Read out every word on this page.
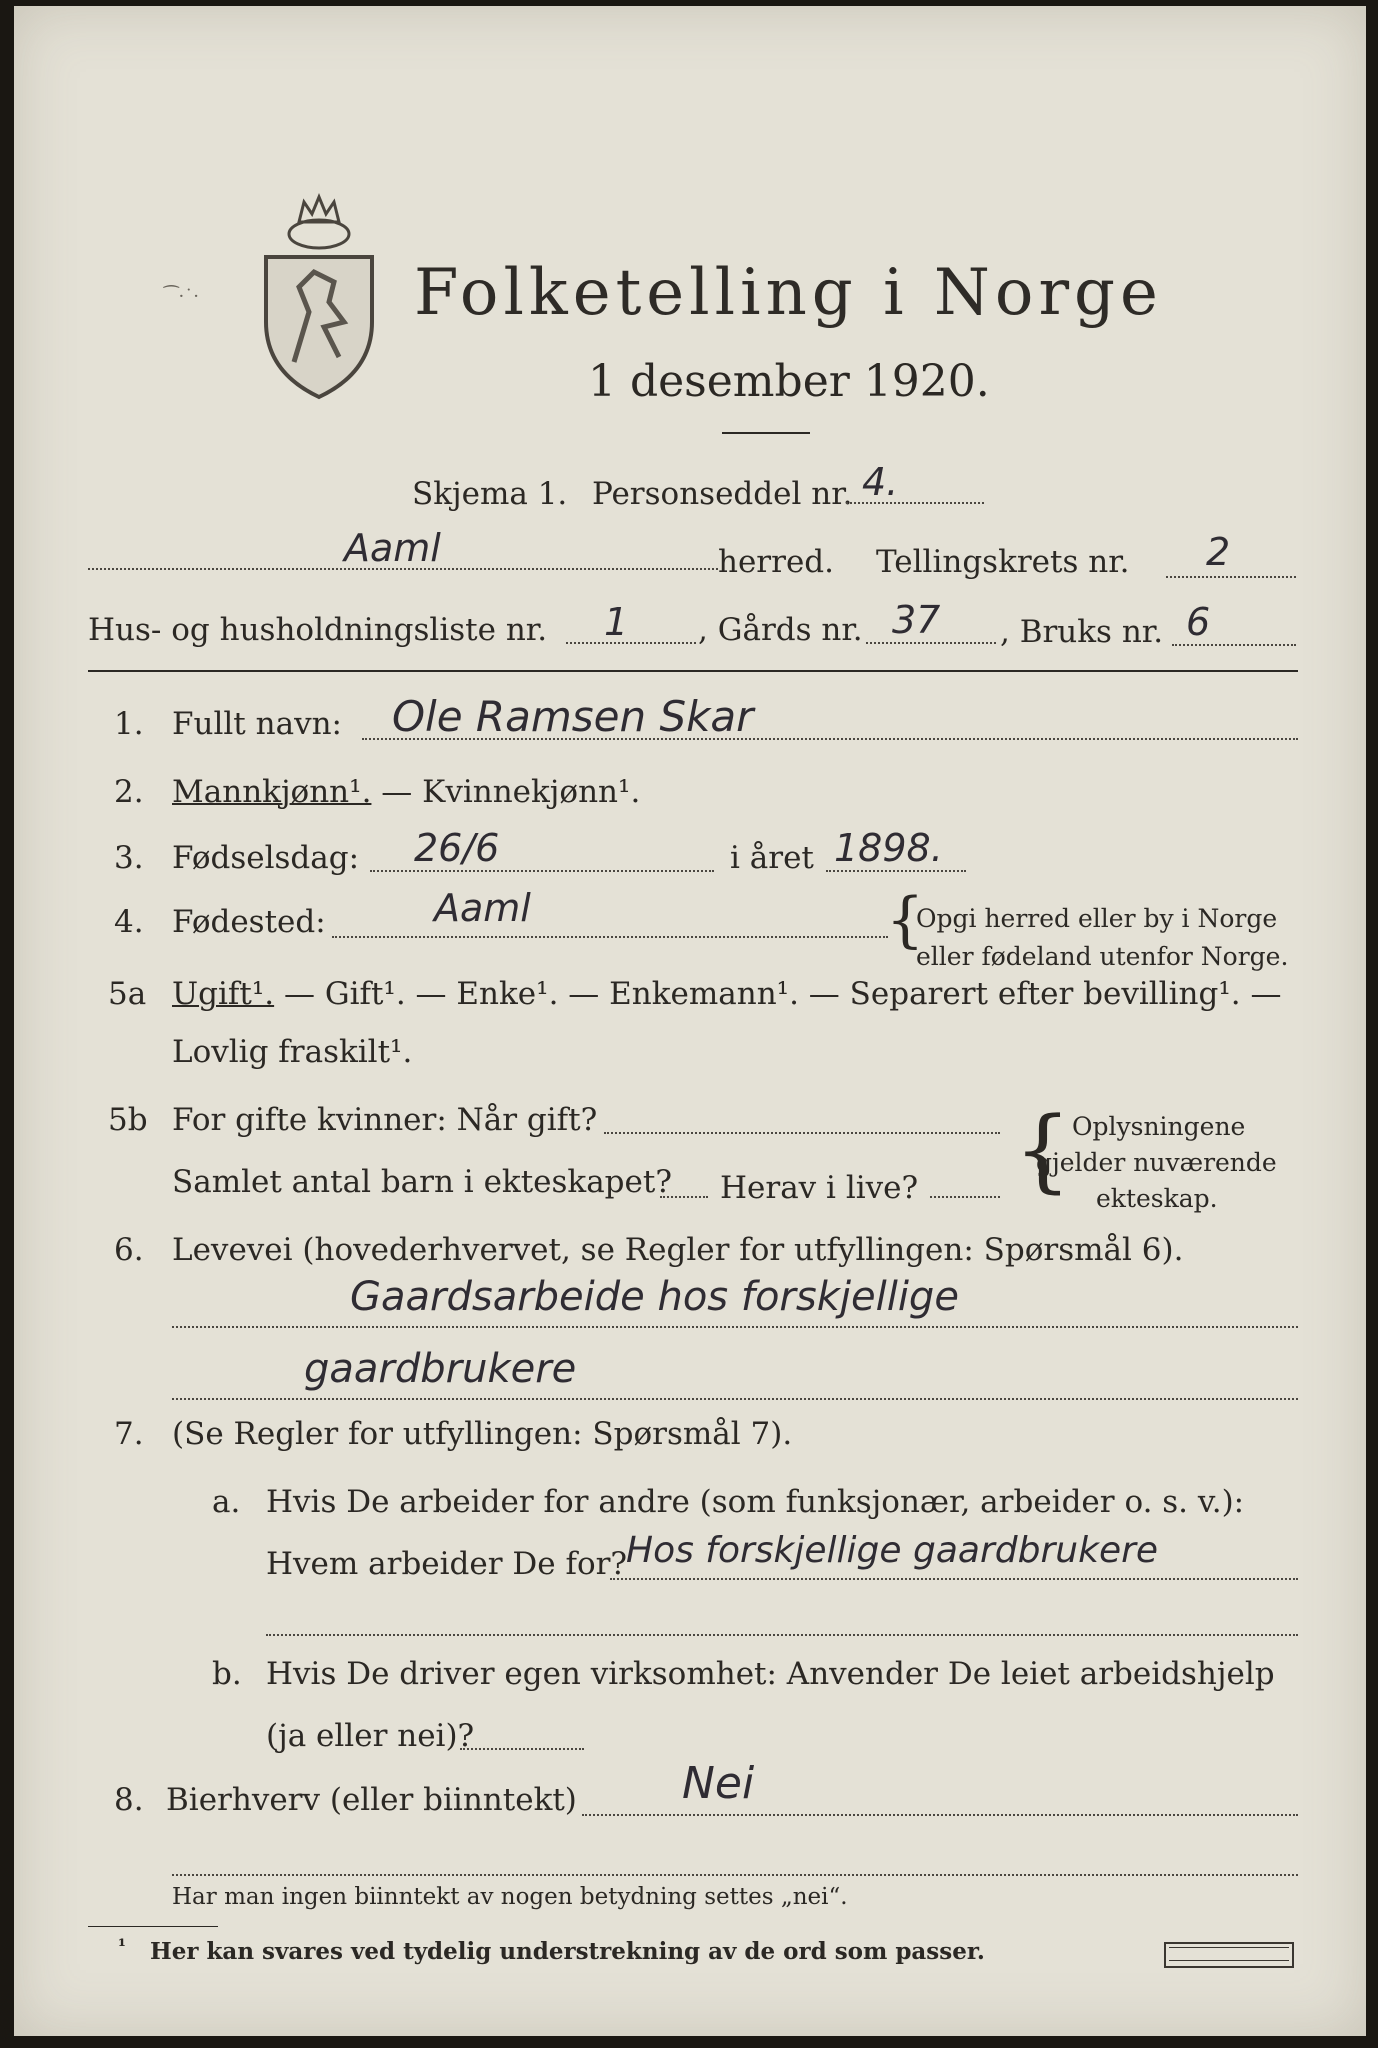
⁀·˙·	Folketelling i Norge
1 desember 1920.
Skjema 1. Personseddel nr. 4.
Aaml	herred. Tellingskrets nr. 2
Hus- og husholdningsliste nr. 1 , Gårds nr. 37 , Bruks nr. 6
1. Fullt navn: Ole Ramsen Skar
2. Mannkjønn¹. — Kvinnekjønn¹.
3. Fødselsdag: 26/6	i året 1898.
4. Fødested:	Aaml	{
Opgi herred eller by i Norge
eller fødeland utenfor Norge.
5a Ugift¹. — Gift¹. — Enke¹. — Enkemann¹. — Separert efter bevilling¹. —
Lovlig fraskilt¹.
5b For gifte kvinner: Når gift?
Samlet antal barn i ekteskapet? Herav i live? { Oplysningene
gjelder nuværende
ekteskap.
6. Levevei (hovederhvervet, se Regler for utfyllingen: Spørsmål 6).
Gaardsarbeide hos forskjellige
gaardbrukere
7. (Se Regler for utfyllingen: Spørsmål 7).
a. Hvis De arbeider for andre (som funksjonær, arbeider o. s. v.):
Hvem arbeider De for?
Hos forskjellige gaardbrukere
b. Hvis De driver egen virksomhet: Anvender De leiet arbeidshjelp
(ja eller nei)?
8. Bierhverv (eller biinntekt) Nei
Har man ingen biinntekt av nogen betydning settes „nei“.
¹ Her kan svares ved tydelig understrekning av de ord som passer.
